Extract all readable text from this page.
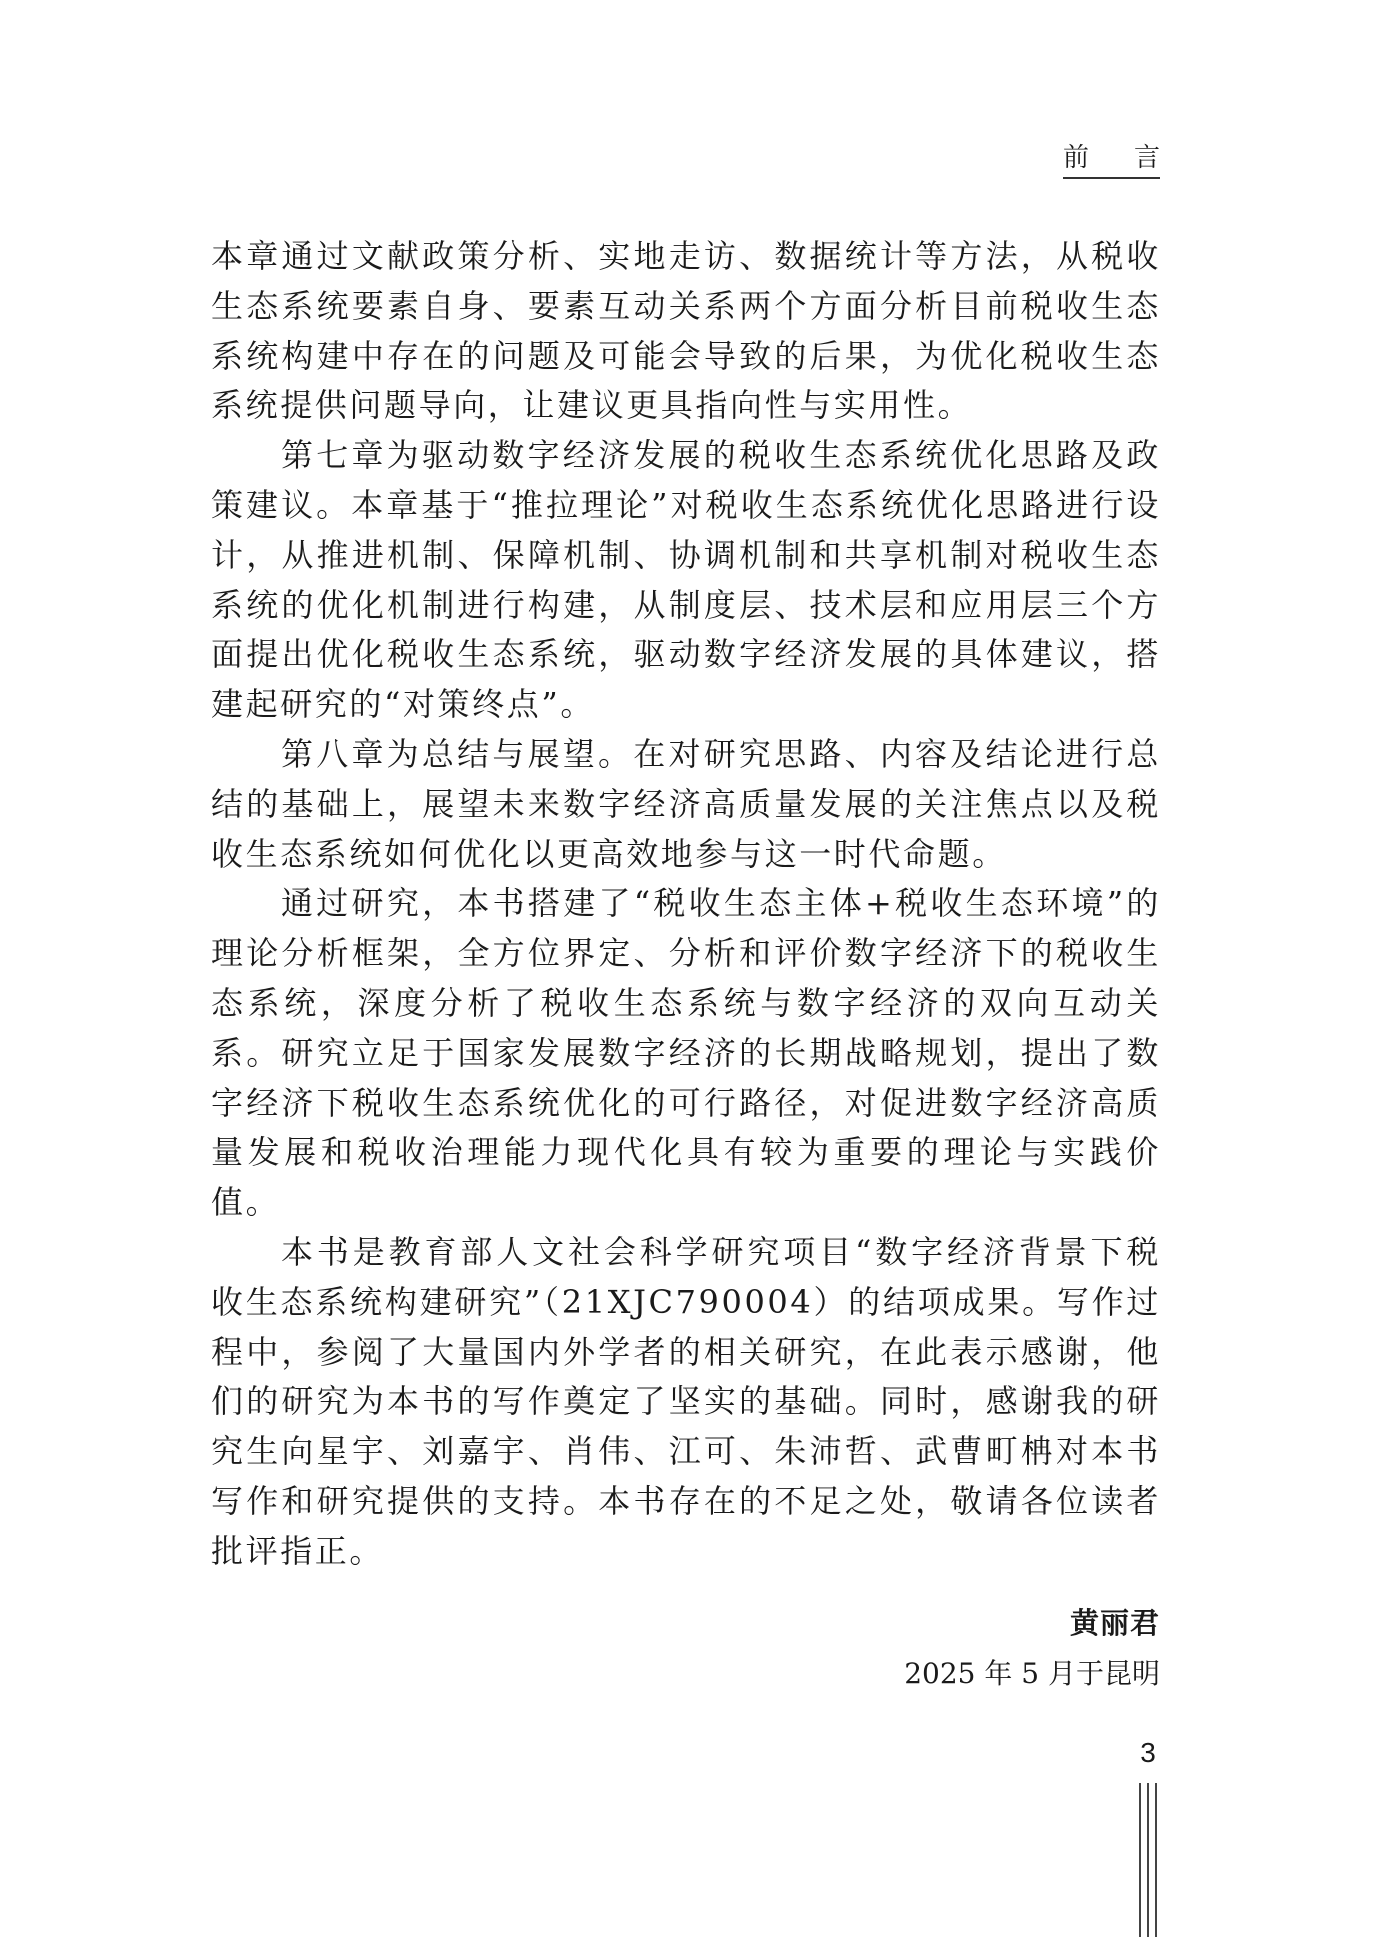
前　言

本章通过文献政策分析、实地走访、数据统计等方法，从税收生态系统要素自身、要素互动关系两个方面分析目前税收生态系统构建中存在的问题及可能会导致的后果，为优化税收生态系统提供问题导向，让建议更具指向性与实用性。

第七章为驱动数字经济发展的税收生态系统优化思路及政策建议。本章基于“推拉理论”对税收生态系统优化思路进行设计，从推进机制、保障机制、协调机制和共享机制对税收生态系统的优化机制进行构建，从制度层、技术层和应用层三个方面提出优化税收生态系统，驱动数字经济发展的具体建议，搭建起研究的“对策终点”。

第八章为总结与展望。在对研究思路、内容及结论进行总结的基础上，展望未来数字经济高质量发展的关注焦点以及税收生态系统如何优化以更高效地参与这一时代命题。

通过研究，本书搭建了“税收生态主体+税收生态环境”的理论分析框架，全方位界定、分析和评价数字经济下的税收生态系统，深度分析了税收生态系统与数字经济的双向互动关系。研究立足于国家发展数字经济的长期战略规划，提出了数字经济下税收生态系统优化的可行路径，对促进数字经济高质量发展和税收治理能力现代化具有较为重要的理论与实践价值。

本书是教育部人文社会科学研究项目“数字经济背景下税收生态系统构建研究”（21XJC790004）的结项成果。写作过程中，参阅了大量国内外学者的相关研究，在此表示感谢，他们的研究为本书的写作奠定了坚实的基础。同时，感谢我的研究生向星宇、刘嘉宇、肖伟、江可、朱沛哲、武曹町柟对本书写作和研究提供的支持。本书存在的不足之处，敬请各位读者批评指正。

黄丽君
2025 年 5 月于昆明
3
